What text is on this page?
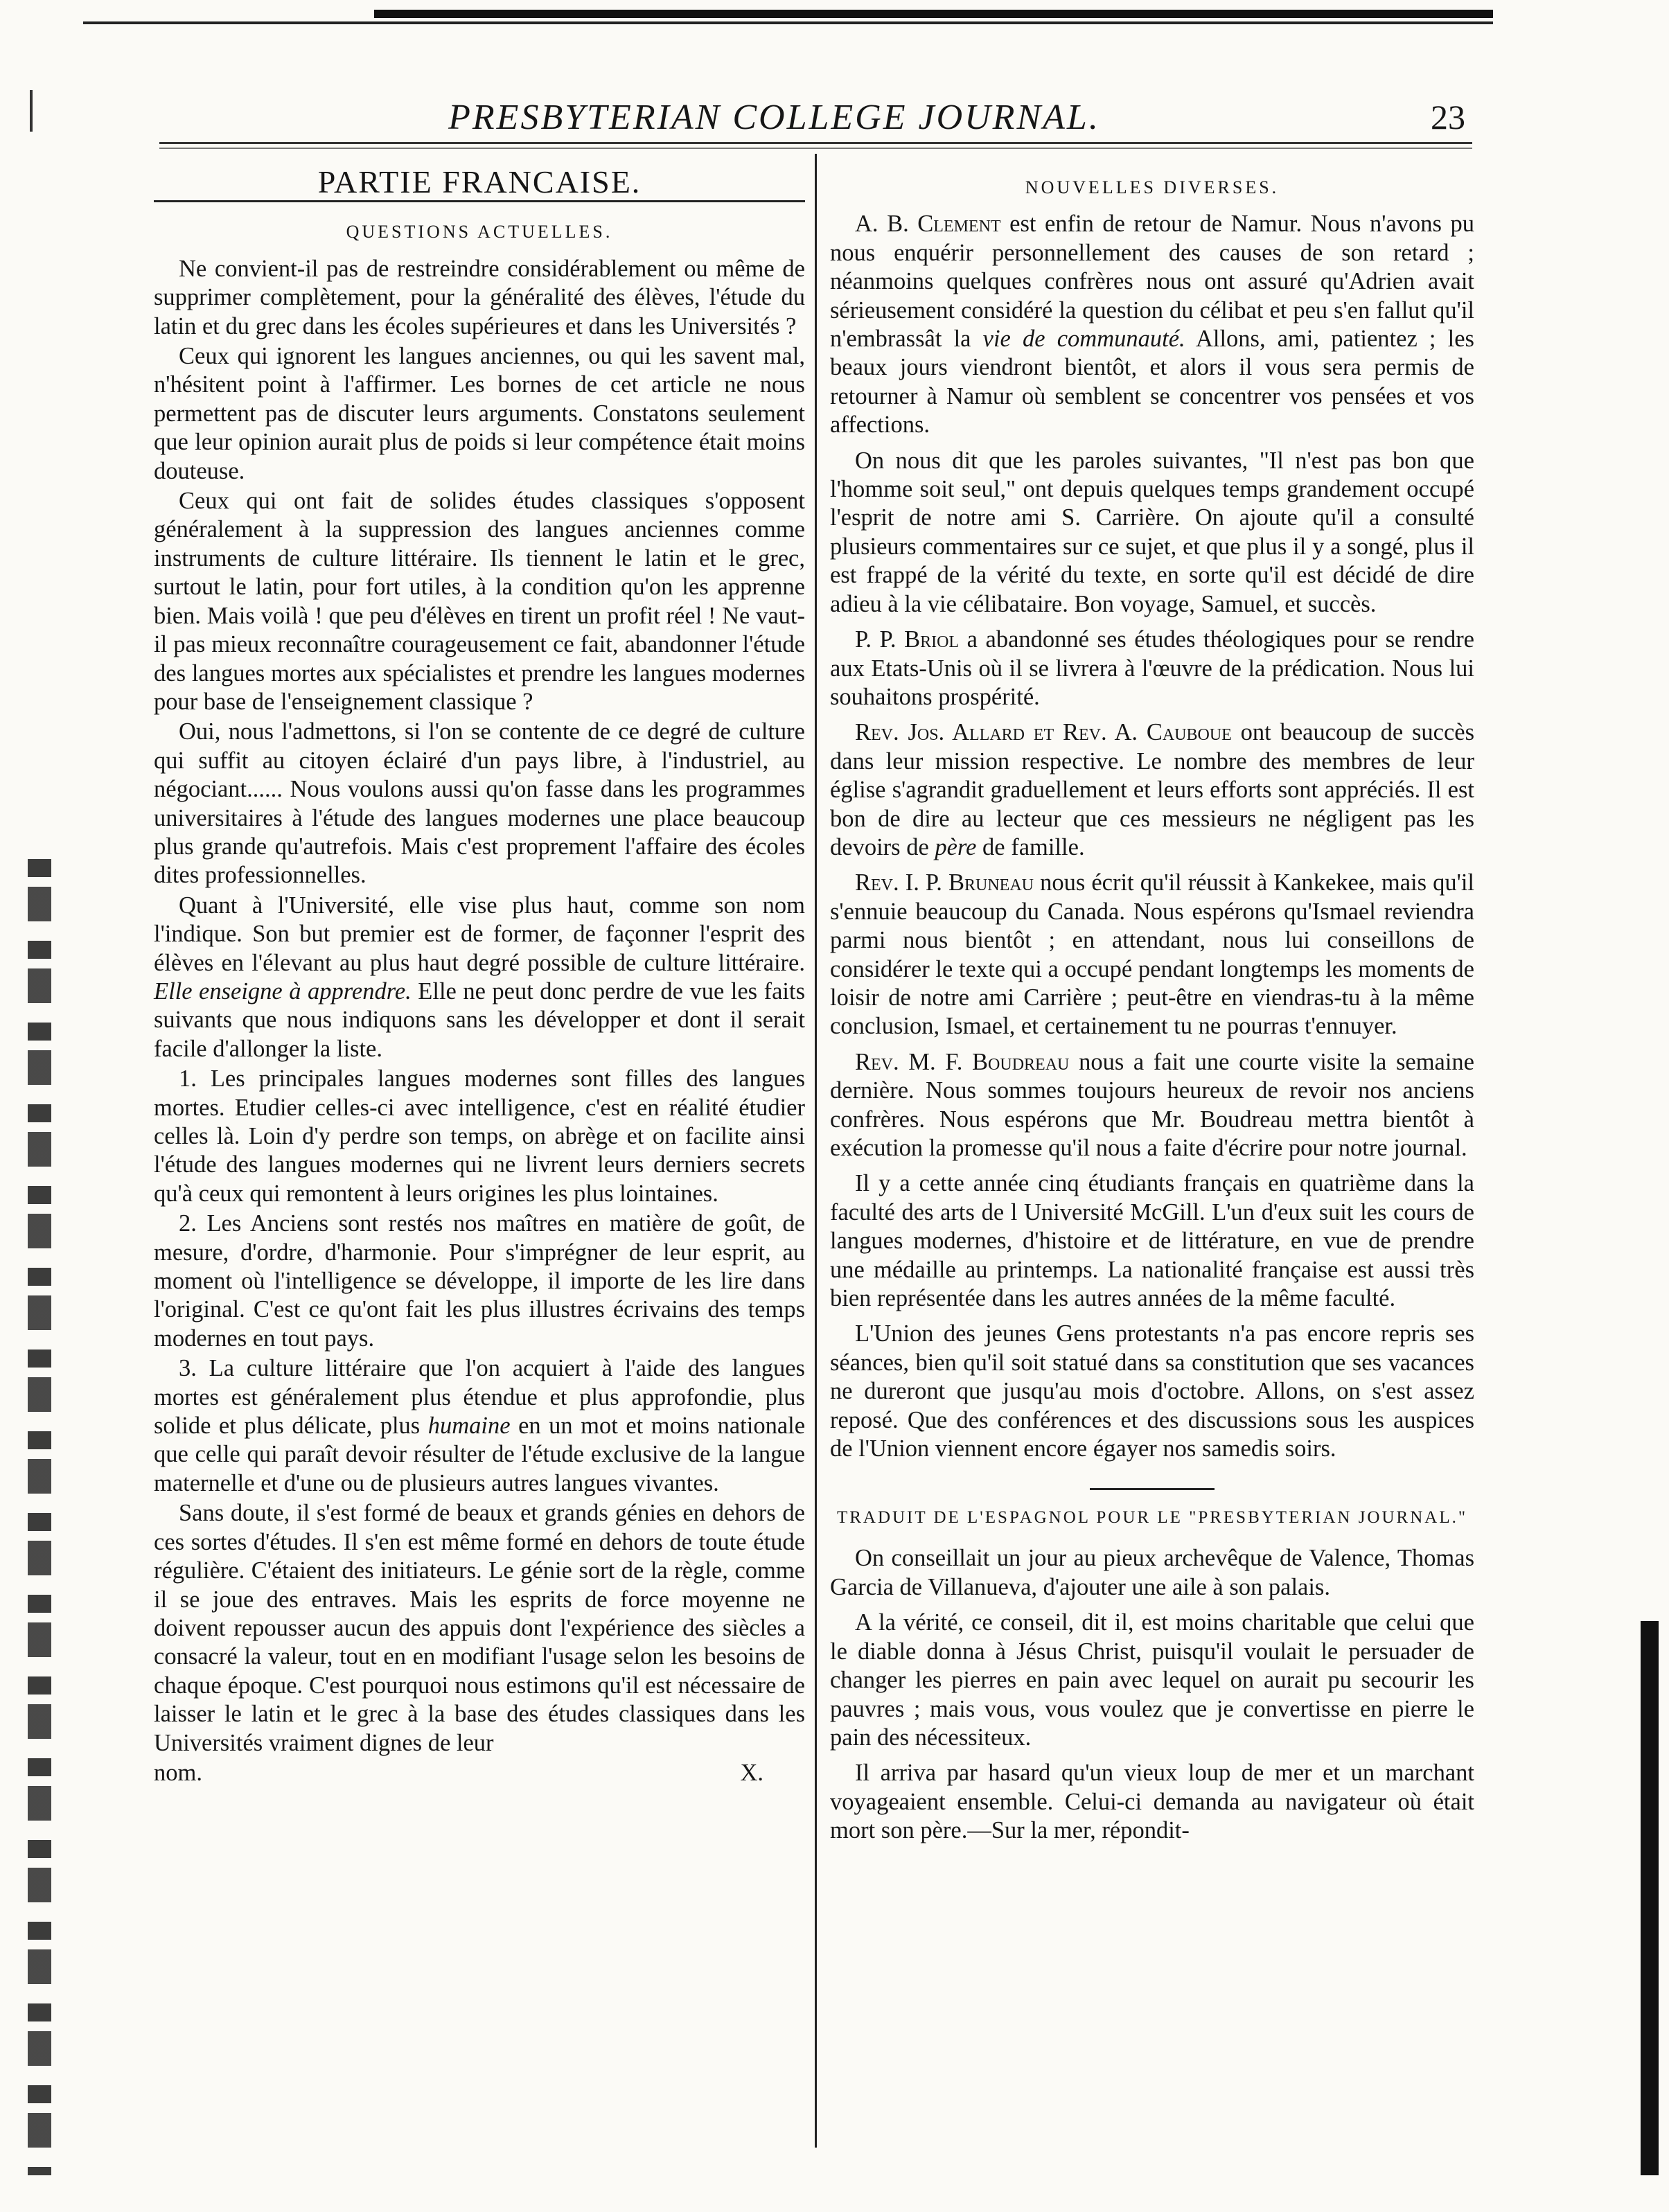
PRESBYTERIAN COLLEGE JOURNAL.	23
PARTIE FRANCAISE.
QUESTIONS ACTUELLES.

Ne convient-il pas de restreindre considérablement ou même de supprimer complètement, pour la généralité des élèves, l'étude du latin et du grec dans les écoles supérieures et dans les Universités ?

Ceux qui ignorent les langues anciennes, ou qui les savent mal, n'hésitent point à l'affirmer. Les bornes de cet article ne nous permettent pas de discuter leurs arguments. Constatons seulement que leur opinion aurait plus de poids si leur compétence était moins douteuse.

Ceux qui ont fait de solides études classiques s'opposent généralement à la suppression des langues anciennes comme instruments de culture littéraire. Ils tiennent le latin et le grec, surtout le latin, pour fort utiles, à la condition qu'on les apprenne bien. Mais voilà ! que peu d'élèves en tirent un profit réel ! Ne vaut-il pas mieux reconnaître courageusement ce fait, abandonner l'étude des langues mortes aux spécialistes et prendre les langues modernes pour base de l'enseignement classique ?

Oui, nous l'admettons, si l'on se contente de ce degré de culture qui suffit au citoyen éclairé d'un pays libre, à l'industriel, au négociant...... Nous voulons aussi qu'on fasse dans les programmes universitaires à l'étude des langues modernes une place beaucoup plus grande qu'autrefois. Mais c'est proprement l'affaire des écoles dites professionnelles.

Quant à l'Université, elle vise plus haut, comme son nom l'indique. Son but premier est de former, de façonner l'esprit des élèves en l'élevant au plus haut degré possible de culture littéraire. Elle enseigne à apprendre. Elle ne peut donc perdre de vue les faits suivants que nous indiquons sans les développer et dont il serait facile d'allonger la liste.

1. Les principales langues modernes sont filles des langues mortes. Etudier celles-ci avec intelligence, c'est en réalité étudier celles là. Loin d'y perdre son temps, on abrège et on facilite ainsi l'étude des langues modernes qui ne livrent leurs derniers secrets qu'à ceux qui remontent à leurs origines les plus lointaines.

2. Les Anciens sont restés nos maîtres en matière de goût, de mesure, d'ordre, d'harmonie. Pour s'imprégner de leur esprit, au moment où l'intelligence se développe, il importe de les lire dans l'original. C'est ce qu'ont fait les plus illustres écrivains des temps modernes en tout pays.

3. La culture littéraire que l'on acquiert à l'aide des langues mortes est généralement plus étendue et plus approfondie, plus solide et plus délicate, plus humaine en un mot et moins nationale que celle qui paraît devoir résulter de l'étude exclusive de la langue maternelle et d'une ou de plusieurs autres langues vivantes.

Sans doute, il s'est formé de beaux et grands génies en dehors de ces sortes d'études. Il s'en est même formé en dehors de toute étude régulière. C'étaient des initiateurs. Le génie sort de la règle, comme il se joue des entraves. Mais les esprits de force moyenne ne doivent repousser aucun des appuis dont l'expérience des siècles a consacré la valeur, tout en en modifiant l'usage selon les besoins de chaque époque. C'est pourquoi nous estimons qu'il est nécessaire de laisser le latin et le grec à la base des études classiques dans les Universités vraiment dignes de leur

nom.	X.
NOUVELLES DIVERSES.

A. B. Clement est enfin de retour de Namur. Nous n'avons pu nous enquérir personnellement des causes de son retard ; néanmoins quelques confrères nous ont assuré qu'Adrien avait sérieusement considéré la question du célibat et peu s'en fallut qu'il n'embrassât la vie de communauté. Allons, ami, patientez ; les beaux jours viendront bientôt, et alors il vous sera permis de retourner à Namur où semblent se concentrer vos pensées et vos affections.

On nous dit que les paroles suivantes, "Il n'est pas bon que l'homme soit seul," ont depuis quelques temps grandement occupé l'esprit de notre ami S. Carrière. On ajoute qu'il a consulté plusieurs commentaires sur ce sujet, et que plus il y a songé, plus il est frappé de la vérité du texte, en sorte qu'il est décidé de dire adieu à la vie célibataire. Bon voyage, Samuel, et succès.

P. P. Briol a abandonné ses études théologiques pour se rendre aux Etats-Unis où il se livrera à l'œuvre de la prédication. Nous lui souhaitons prospérité.

Rev. Jos. Allard et Rev. A. Cauboue ont beaucoup de succès dans leur mission respective. Le nombre des membres de leur église s'agrandit graduellement et leurs efforts sont appréciés. Il est bon de dire au lecteur que ces messieurs ne négligent pas les devoirs de père de famille.

Rev. I. P. Bruneau nous écrit qu'il réussit à Kankekee, mais qu'il s'ennuie beaucoup du Canada. Nous espérons qu'Ismael reviendra parmi nous bientôt ; en attendant, nous lui conseillons de considérer le texte qui a occupé pendant longtemps les moments de loisir de notre ami Carrière ; peut-être en viendras-tu à la même conclusion, Ismael, et certainement tu ne pourras t'ennuyer.

Rev. M. F. Boudreau nous a fait une courte visite la semaine dernière. Nous sommes toujours heureux de revoir nos anciens confrères. Nous espérons que Mr. Boudreau mettra bientôt à exécution la promesse qu'il nous a faite d'écrire pour notre journal.

Il y a cette année cinq étudiants français en quatrième dans la faculté des arts de l Université McGill. L'un d'eux suit les cours de langues modernes, d'histoire et de littérature, en vue de prendre une médaille au printemps. La nationalité française est aussi très bien représentée dans les autres années de la même faculté.

L'Union des jeunes Gens protestants n'a pas encore repris ses séances, bien qu'il soit statué dans sa constitution que ses vacances ne dureront que jusqu'au mois d'octobre. Allons, on s'est assez reposé. Que des conférences et des discussions sous les auspices de l'Union viennent encore égayer nos samedis soirs.

TRADUIT DE L'ESPAGNOL POUR LE "PRESBYTERIAN JOURNAL."

On conseillait un jour au pieux archevêque de Valence, Thomas Garcia de Villanueva, d'ajouter une aile à son palais.

A la vérité, ce conseil, dit il, est moins charitable que celui que le diable donna à Jésus Christ, puisqu'il voulait le persuader de changer les pierres en pain avec lequel on aurait pu secourir les pauvres ; mais vous, vous voulez que je convertisse en pierre le pain des nécessiteux.

Il arriva par hasard qu'un vieux loup de mer et un marchant voyageaient ensemble. Celui-ci demanda au navigateur où était mort son père.—Sur la mer, répondit-
